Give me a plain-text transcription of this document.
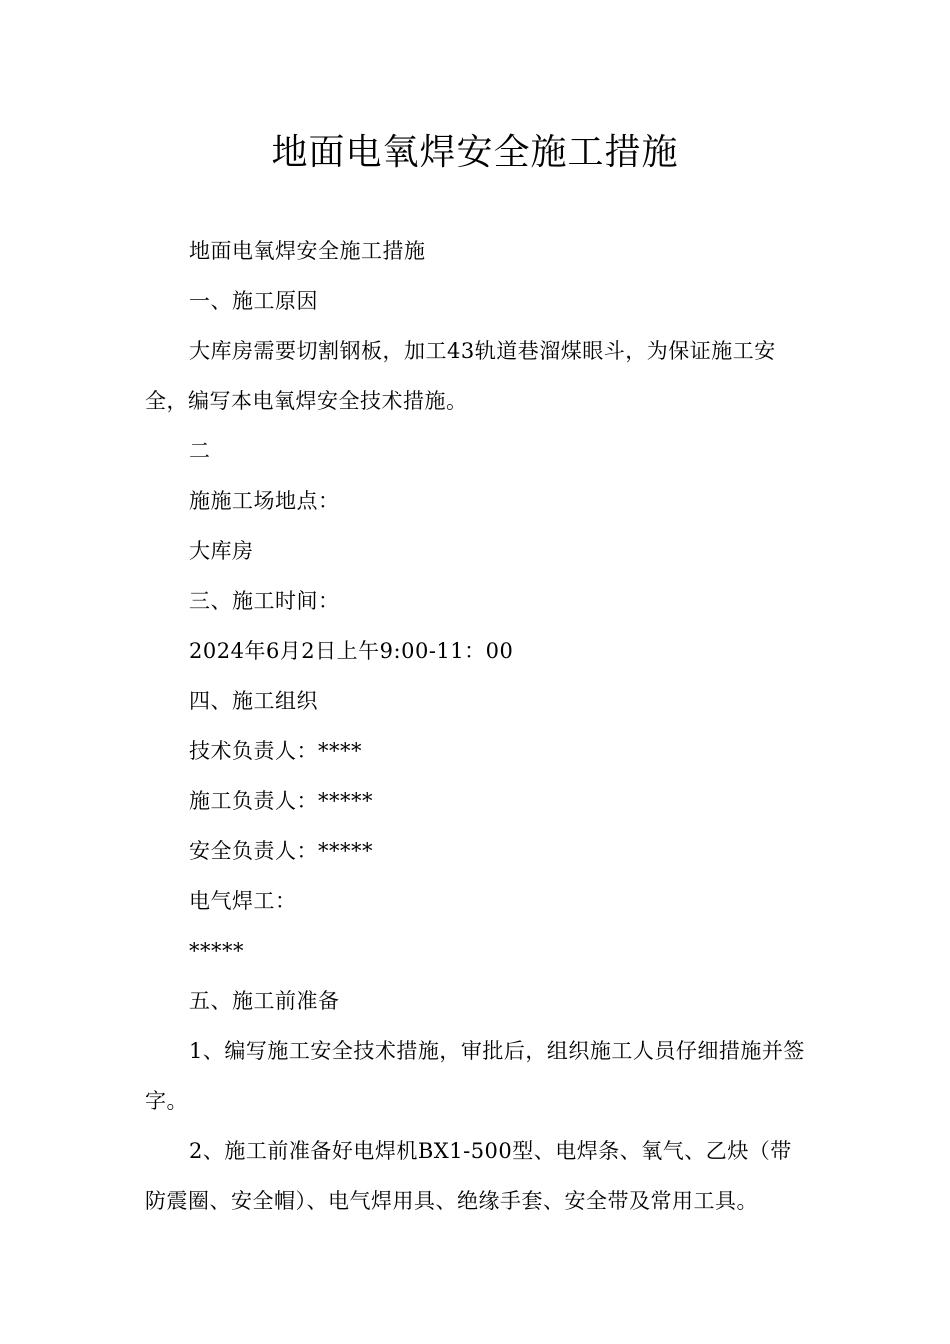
地面电氧焊安全施工措施

地面电氧焊安全施工措施

一、施工原因

大库房需要切割钢板，加工43轨道巷溜煤眼斗，为保证施工安全，编写本电氧焊安全技术措施。

二

施施工场地点：

大库房

三、施工时间：

2024年6月2日上午9:00-11：00

四、施工组织

技术负责人：****

施工负责人：*****

安全负责人：*****

电气焊工：

*****

五、施工前准备

1、编写施工安全技术措施，审批后，组织施工人员仔细措施并签字。

2、施工前准备好电焊机BX1-500型、电焊条、氧气、乙炔（带防震圈、安全帽）、电气焊用具、绝缘手套、安全带及常用工具。
